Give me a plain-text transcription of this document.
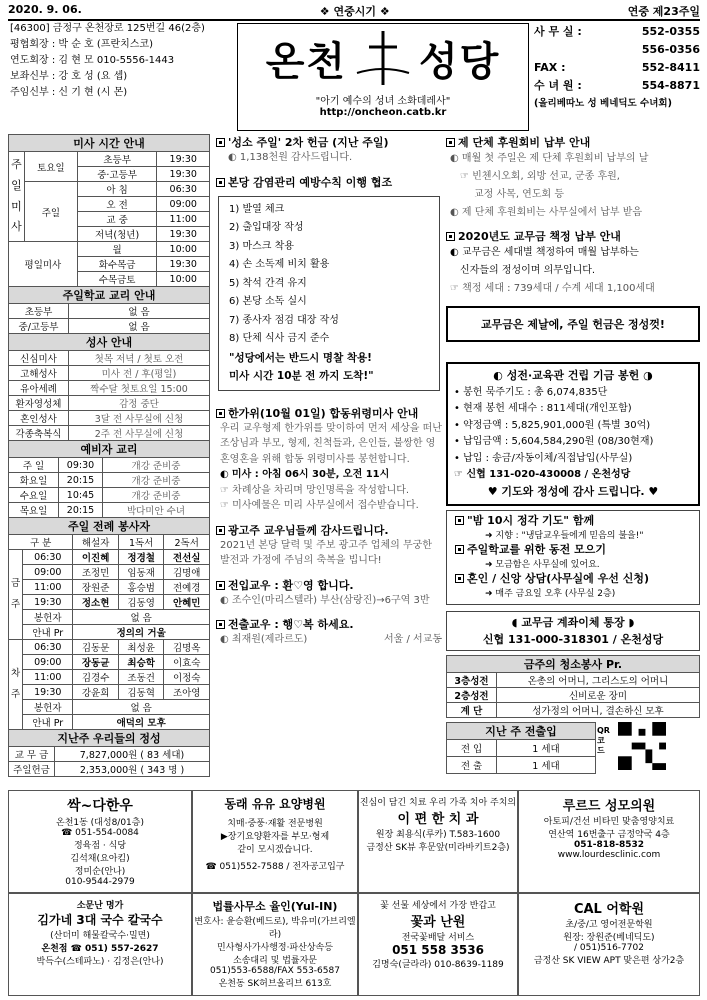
2020. 9. 06.	❖ 연중시기 ❖	연중 제23주일
[46300] 금정구 온천장로 125번길 46(2층)
평협회장 : 박 순 호 (프란치스코)
연도회장 : 김 현 모 010-5556-1443
보좌신부 : 강 호 성 (요 셉)
주임신부 : 신 기 현 (시 몬)
온천 성당
"아기 예수의 성녀 소화데레사"
http://oncheon.catb.kr
사 무 실 :	552-0355
556-0356
FAX :	552-8411
수 녀 원 :	554-8871
(올리베따노 성 베네딕도 수녀회)
미사 시간 안내			
주일미사	토요일	초등부	19:30
		중·고등부	19:30
	주일	아 침	06:30
		오 전	09:00
		교 중	11:00
		저녁(청년)	19:30
평일미사		월	10:00
		화수목금	19:30
		수목금토	10:00
주일학교 교리 안내	
초등부	없 음
중/고등부	없 음
성사 안내	
신심미사	첫목 저녁 / 첫토 오전
고해성사	미사 전 / 후(평일)
유아세례	짝수달 첫토요일 15:00
환자영성체	감정 중단
혼인성사	3달 전 사무실에 신청
각종축복식	2주 전 사무실에 신청
예비자 교리		
주 일	09:30	개강 준비중
화요일	20:15	개강 준비중
수요일	10:45	개강 준비중
목요일	20:15	박다미안 수녀
주일 전례 봉사자				
구 분		해설자	1독서	2독서
금주	06:30	이진혜	정경철	전선실
	09:00	조정민	임동재	김명애
	11:00	장원준	홍승범	전예경
	19:30	정소현	김동영	안혜민
	봉헌자	없 음		
	안내 Pr	정의의 거울		
차주	06:30	김동문	최성윤	김명옥
	09:00	장동균	최승학	이효숙
	11:00	김경수	조동건	이정숙
	19:30	강윤희	김동혁	조아영
	봉헌자	없 음		
	안내 Pr	애덕의 모후		
지난주 우리들의 정성	
교 무 금	7,827,000원 ( 83 세대)
주일헌금	2,353,000원 ( 343 명 )
'성소 주일' 2차 헌금 (지난 주일)
◐ 1,138천원 감사드립니다.
본당 감염관리 예방수칙 이행 협조
1) 발열 체크
2) 출입대장 작성
3) 마스크 착용
4) 손 소독제 비치 활용
5) 착석 간격 유지
6) 본당 소독 실시
7) 종사자 점검 대장 작성
8) 단체 식사 금지 준수
"성당에서는 반드시 명찰 착용!
미사 시간 10분 전 까지 도착!"
한가위(10월 01일) 합동위령미사 안내
우리 교우형제 한가위를 맞이하여 먼저 세상을 떠난 조상님과 부모, 형제, 친척들과, 은인들, 불쌍한 영혼영혼을 위해 합동 위령미사를 봉헌합니다.
◐ 미사 : 아침 06시 30분, 오전 11시
☞ 차례상을 차리며 망인명록을 작성합니다.
☞ 미사예물은 미리 사무실에서 접수받습니다.
광고주 교우님들께 감사드립니다.
2021년 본당 달력 및 주보 광고주 업체의 무궁한 발전과 가정에 주님의 축복을 빕니다!
전입교우 : 환♡영 합니다.
◐ 조수인(마리스텔라) 부산(삼랑진)→6구역 3반
전출교우 : 행♡복 하세요.
◐ 최재원(제라르도)	서울 / 서교동
제 단체 후원회비 납부 안내
◐ 매월 첫 주일은 제 단체 후원회비 납부의 날
☞ 빈첸시오회, 외방 선교, 군종 후원,
교정 사목, 연도회 등
◐ 제 단체 후원회비는 사무실에서 납부 받음
2020년도 교무금 책정 납부 안내
◐ 교무금은 세대별 책정하여 매월 납부하는
신자들의 정성이며 의무입니다.
☞ 책정 세대 : 739세대 / 수계 세대 1,100세대
교무금은 제날에, 주일 헌금은 정성껏!
◐ 성전·교육관 건립 기금 봉헌 ◑
• 봉헌 묵주기도 : 총 6,074,835단
• 현재 봉헌 세대수 : 811세대(개인포함)
• 약정금액 : 5,825,901,000원 (특별 30억)
• 납입금액 : 5,604,584,290원 (08/30현재)
• 납입 : 송금/자동이체/직접납입(사무실)
☞ 신협 131-020-430008 / 온천성당
♥ 기도와 정성에 감사 드립니다. ♥
"밤 10시 정각 기도" 함께
➜ 지향 : "냉담교우들에게 믿음의 불을!"
주일학교를 위한 동전 모으기
➜ 모금함은 사무실에 있어요.
혼인 / 신앙 상담(사무실에 우선 신청)
➜ 매주 금요일 오후 (사무실 2층)
◖ 교무금 계좌이체 통장 ◗
신협 131-000-318301 / 온천성당
금주의 청소봉사 Pr.	
3층성전	온총의 어머니, 그리스도의 어머니
2층성전	신비로운 장미
계 단	성가정의 어머니, 결손하신 모후
지난 주 전출입	
전 입	1 세대
전 출	1 세대
QR 코드
싹~다한우
온천1동 (대성8/01층)
☎ 051-554-0084
정육점 · 식당
김석채(요아킴)
정미순(안나)
010-9544-2979
동래 유유 요양병원
치매·중풍·재활 전문병원
▶장기요양환자를 부모·형제
같이 모시겠습니다.
☎ 051)552-7588 / 전자공고입구
진심이 담긴 치료 우리 가족 치아 주치의
이 편 한 치 과
원장 최용식(루카) T.583-1600
금정산 SK뷰 후문앞(미라바키트2층)
루르드 성모의원
아토피/건선 비타민 맞춤영양치료
연산역 16번출구 금정약국 4층
051-818-8532
www.lourdesclinic.com
소문난 명가
김가네 3대 국수 칼국수
(산더미 해물칼국수·밀면)
온천점 ☎ 051) 557-2627
박득수(스테파노) · 김정은(안나)
법률사무소 율인(Yul-IN)
변호사: 윤승환(베드로), 박유미(가브리엘라)
민사형사가사행정·파산상속등
소송대리 및 법률자문
051)553-6588/FAX 553-6587
온천동 SK허브올리브 613호
꽃 선물 세상에서 가장 반갑고
꽃과 난원
전국꽃배달 서비스
051 558 3536
김명숙(글라라) 010-8639-1189
CAL 어학원
초/중/고 영어전문학원
원장: 장원준(베네딕도)
/ 051)516-7702
금정산 SK VIEW APT 맞은편 상가2층
